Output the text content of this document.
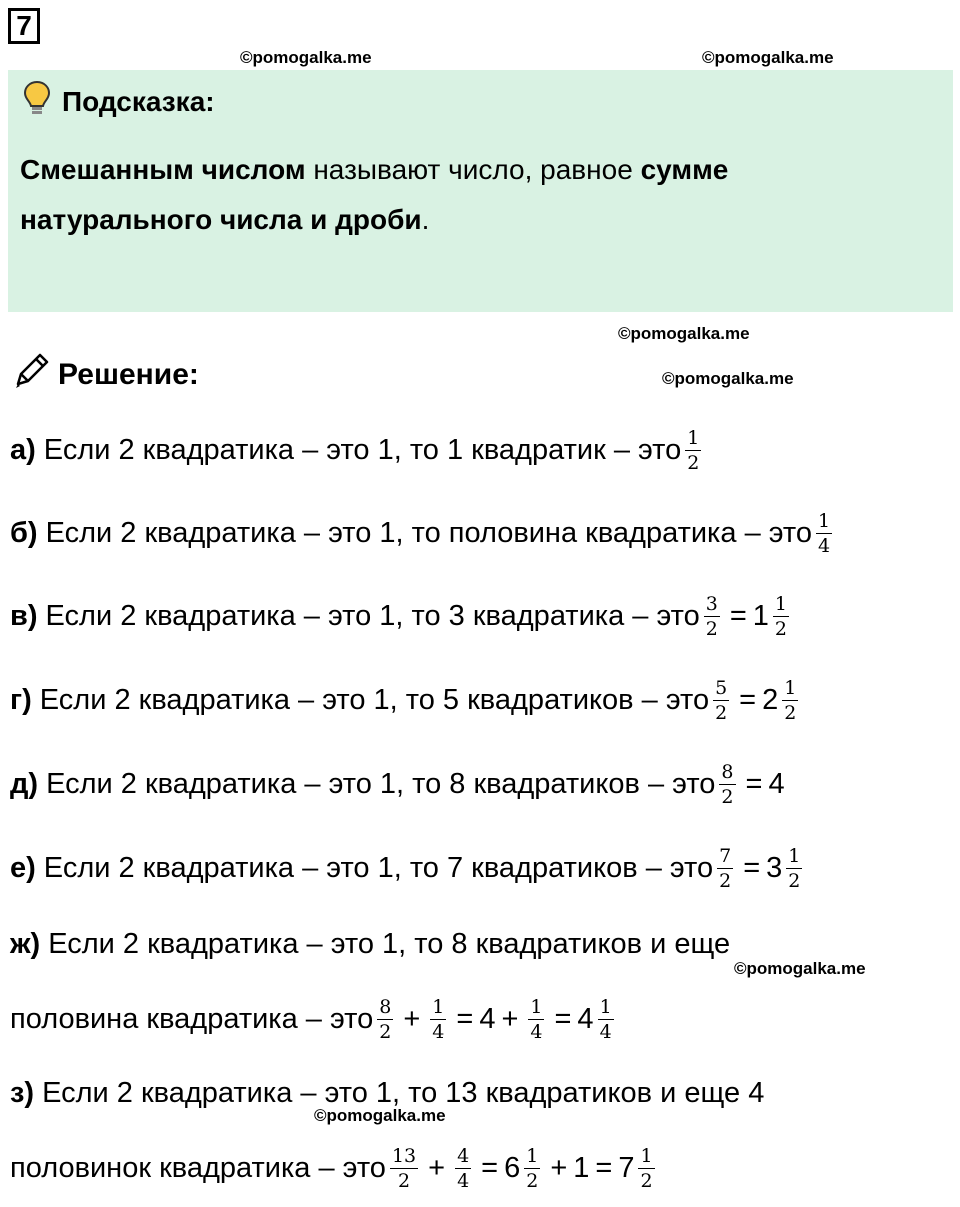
7
©pomogalka.me	©pomogalka.me
Подсказка:
Смешанным числом называют число, равное сумме натурального числа и дроби.
©pomogalka.me
©pomogalka.me
Решение:
а) Если 2 квадратика – это 1, то 1 квадратик – это $\frac{1}{2}$
б) Если 2 квадратика – это 1, то половина квадратика – это $\frac{1}{4}$
в) Если 2 квадратика – это 1, то 3 квадратика – это $\frac{3}{2} = 1 \frac{1}{2}$
г) Если 2 квадратика – это 1, то 5 квадратиков – это $\frac{5}{2} = 2 \frac{1}{2}$
д) Если 2 квадратика – это 1, то 8 квадратиков – это $\frac{8}{2} = 4$
е) Если 2 квадратика – это 1, то 7 квадратиков – это $\frac{7}{2} = 3 \frac{1}{2}$
ж) Если 2 квадратика – это 1, то 8 квадратиков и еще
©pomogalka.me
половина квадратика – это $\frac{8}{2} + \frac{1}{4} = 4 + \frac{1}{4} = 4 \frac{1}{4}$
з) Если 2 квадратика – это 1, то 13 квадратиков и еще 4
©pomogalka.me
половинок квадратика – это $\frac{13}{2} + \frac{4}{4} = 6 \frac{1}{2} + 1 = 7 \frac{1}{2}$
